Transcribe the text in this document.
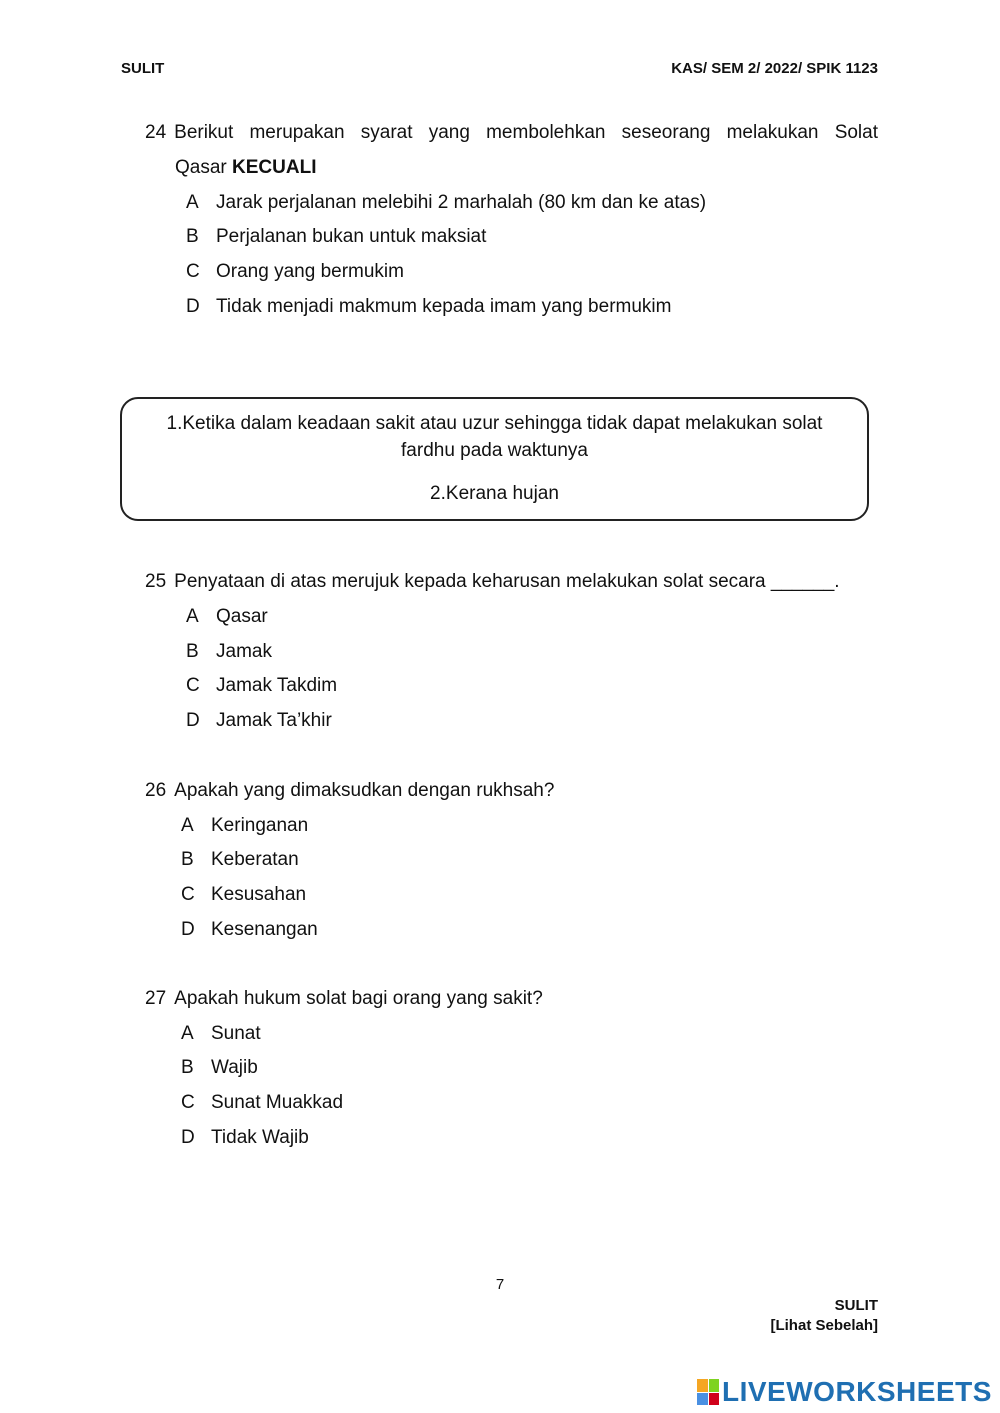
SULIT	KAS/ SEM 2/ 2022/ SPIK 1123
24 Berikut merupakan syarat yang membolehkan seseorang melakukan Solat
Qasar KECUALI
A Jarak perjalanan melebihi 2 marhalah (80 km dan ke atas)
B Perjalanan bukan untuk maksiat
C Orang yang bermukim
D Tidak menjadi makmum kepada imam yang bermukim
1.Ketika dalam keadaan sakit atau uzur sehingga tidak dapat melakukan solat
fardhu pada waktunya
2.Kerana hujan
25 Penyataan di atas merujuk kepada keharusan melakukan solat secara ______.
A Qasar
B Jamak
C Jamak Takdim
D Jamak Ta’khir
26 Apakah yang dimaksudkan dengan rukhsah?
A Keringanan
B Keberatan
C Kesusahan
D Kesenangan
27 Apakah hukum solat bagi orang yang sakit?
A Sunat
B Wajib
C Sunat Muakkad
D Tidak Wajib
7
SULIT
[Lihat Sebelah]
LIVEWORKSHEETS
